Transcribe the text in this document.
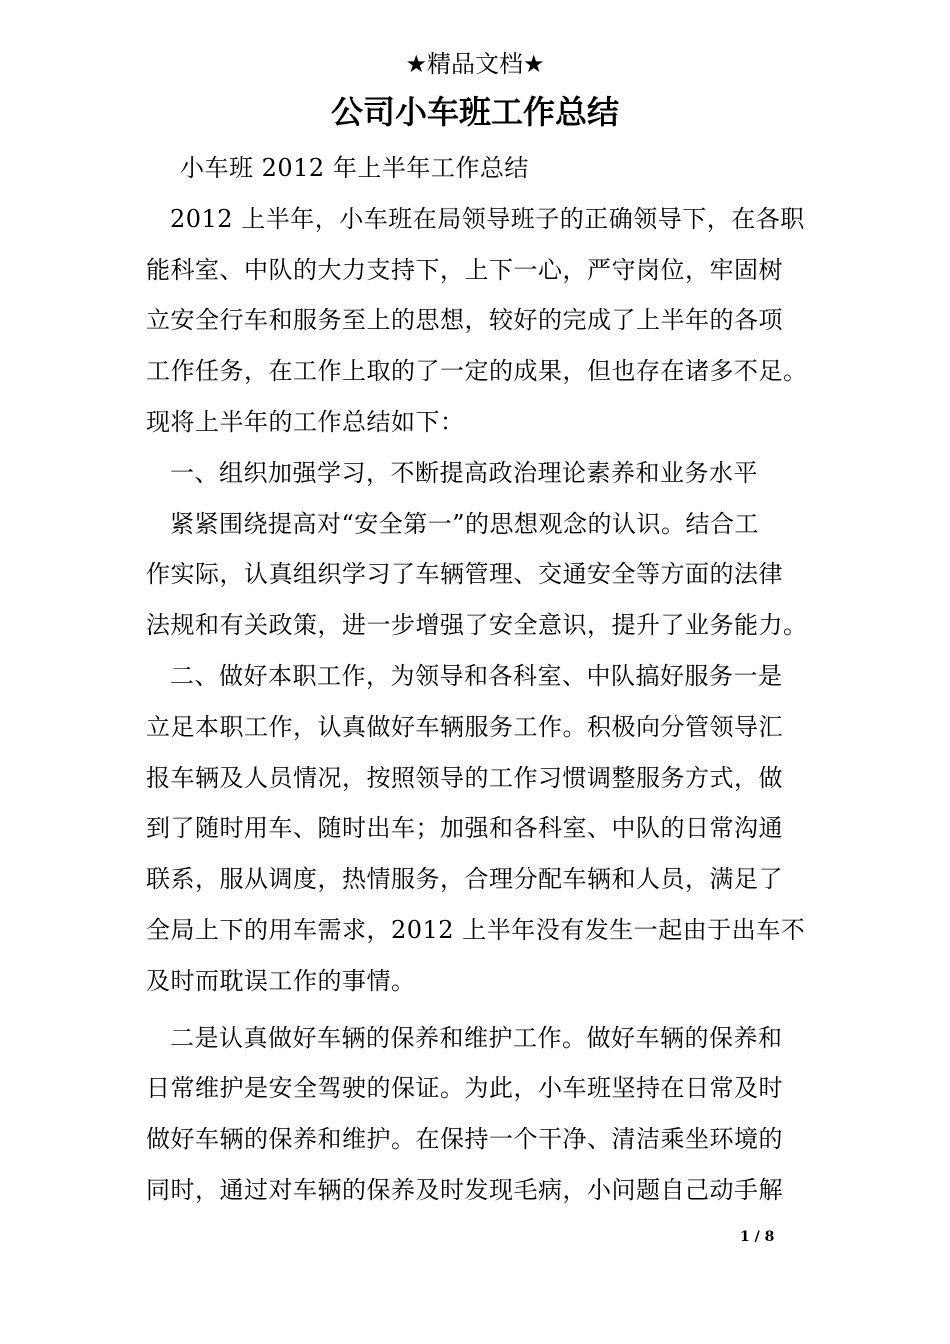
★精品文档★
公司小车班工作总结
小车班 2012 年上半年工作总结
2012 上半年，小车班在局领导班子的正确领导下，在各职
能科室、中队的大力支持下，上下一心，严守岗位，牢固树
立安全行车和服务至上的思想，较好的完成了上半年的各项
工作任务，在工作上取的了一定的成果，但也存在诸多不足。
现将上半年的工作总结如下：
一、组织加强学习，不断提高政治理论素养和业务水平
紧紧围绕提高对“安全第一”的思想观念的认识。结合工
作实际，认真组织学习了车辆管理、交通安全等方面的法律
法规和有关政策，进一步增强了安全意识，提升了业务能力。
二、做好本职工作，为领导和各科室、中队搞好服务一是
立足本职工作，认真做好车辆服务工作。积极向分管领导汇
报车辆及人员情况，按照领导的工作习惯调整服务方式，做
到了随时用车、随时出车；加强和各科室、中队的日常沟通
联系，服从调度，热情服务，合理分配车辆和人员，满足了
全局上下的用车需求，2012 上半年没有发生一起由于出车不
及时而耽误工作的事情。
二是认真做好车辆的保养和维护工作。做好车辆的保养和
日常维护是安全驾驶的保证。为此，小车班坚持在日常及时
做好车辆的保养和维护。在保持一个干净、清洁乘坐环境的
同时，通过对车辆的保养及时发现毛病，小问题自己动手解
1 / 8
